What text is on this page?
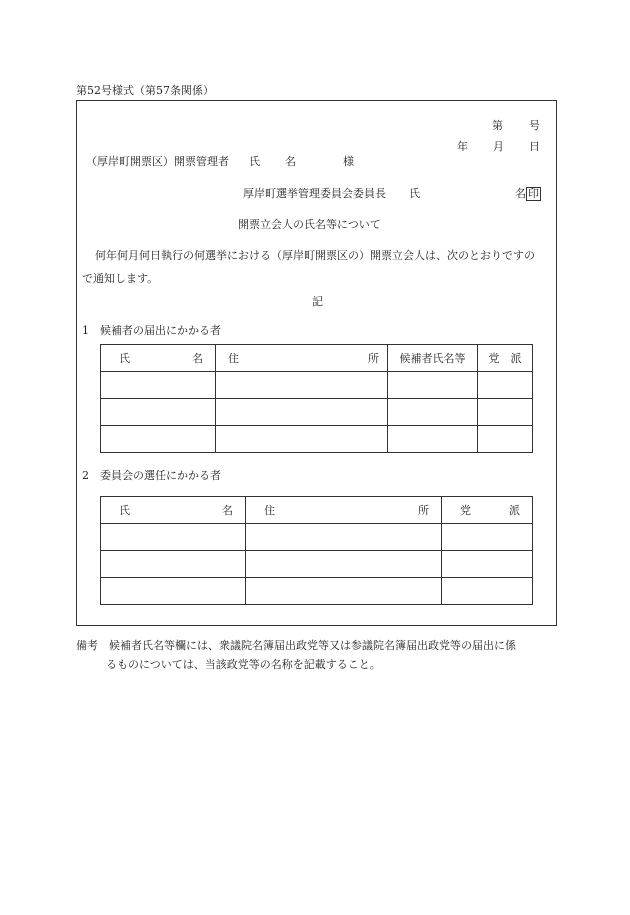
第52号様式（第57条関係）
第 号
年 月 日
（厚岸町開票区）開票管理者 氏 名	様
厚岸町選挙管理委員会委員長 氏	名 印
開票立会人の氏名等について
何年何月何日執行の何選挙における（厚岸町開票区の）開票立会人は、次のとおりですの
で通知します。
記
1　候補者の届出にかかる者
氏 名	住 所	候補者氏名等	党　派

2　委員会の選任にかかる者
氏 名	住 所	党 派

備考　候補者氏名等欄には、衆議院名簿届出政党等又は参議院名簿届出政党等の届出に係
るものについては、当該政党等の名称を記載すること。
